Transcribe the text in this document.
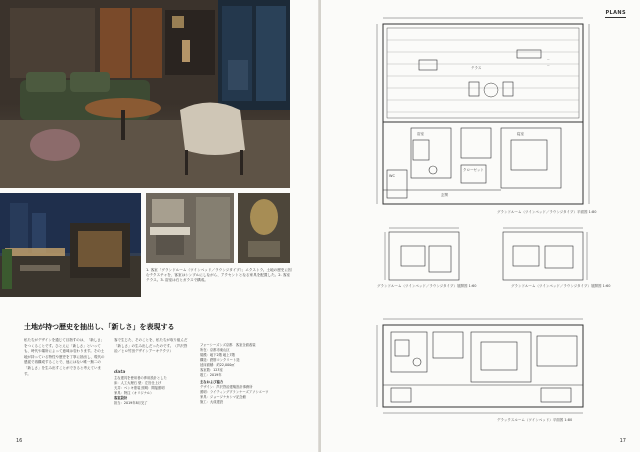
1. 客室「グランドルーム（ツインベッド／ラウンジタイプ）」エクストラ。土地の歴史に因むテクスチャを、客室はシンプルにしながら、アクセントとなる家具を配置した。2. 客室テラス。3. 浴室は石とガラスで構成。
土地が持つ歴史を抽出し、「新しさ」を表現する
私たちがデザインを通じて目指すのは、「新しさ」をつくることです。ひとえに「新しさ」といっても、時代や場所によって意味は変わります。その土地が持っている特性や歴史を丁寧に抽出し、現代の感覚で再構成することで、他にはない唯一無二の「新しさ」を生み出すことができると考えています。
客で生じた、そのことを、私たちが取り組んだ「新しさ」の生み出しだったのです。（芦沢啓治／ヒロ竹田デザインアーキテクツ）
data
主な建具を使用者の専用設計とした
床：人工大理石 壁：左官仕上げ
天井：ペンキ塗装 照明：間接照明
家具：特注（オリジナル）
客室設計
担当：2019年8月完了
フォーシーズンズ京都　客室全面改装
所在：京都市東山区
規模：地下2階 地上7階
構造：鉄筋コンクリート造
延床面積：約22,000㎡
客室数：123室
竣工：2019年
主なおよび協力
デザイン：芦沢啓治建築設計事務所
照明：ライティングプランナーズアソシエーツ
家具：ジョージナカシマ記念館
施工：大成建設
16
PLANS
—
—
グランドルーム（ツインベッド／ラウンジタイプ）平面図 1:80
グランドルーム（ツインベッド／ラウンジタイプ）展開図 1:60	グランドルーム（ツインベッド／ラウンジタイプ）展開図 1:60
デラックスルーム（ツインベッド）平面図 1:80
テラス
寝室
浴室
WC
クローゼット
玄関
17
